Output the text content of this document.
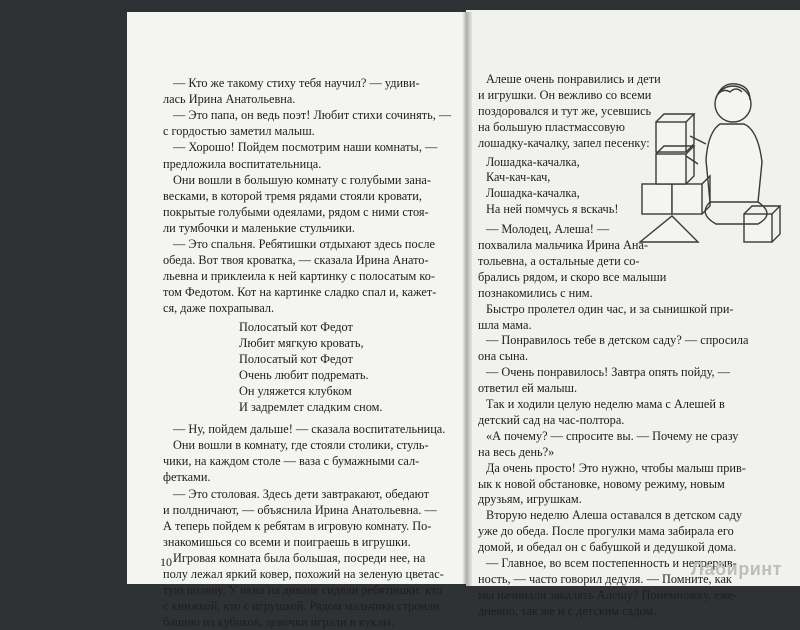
— Кто же такому стиху тебя научил? — удиви-
лась Ирина Анатольевна.
— Это папа, он ведь поэт! Любит стихи сочинять, —
с гордостью заметил малыш.
— Хорошо! Пойдем посмотрим наши комнаты, —
предложила воспитательница.
Они вошли в большую комнату с голубыми зана-
весками, в которой тремя рядами стояли кровати,
покрытые голубыми одеялами, рядом с ними стоя-
ли тумбочки и маленькие стульчики.
— Это спальня. Ребятишки отдыхают здесь после
обеда. Вот твоя кроватка, — сказала Ирина Анато-
льевна и приклеила к ней картинку с полосатым ко-
том Федотом. Кот на картинке сладко спал и, кажет-
ся, даже похрапывал.
Полосатый кот Федот
Любит мягкую кровать,
Полосатый кот Федот
Очень любит подремать.
Он уляжется клубком
И задремлет сладким сном.
— Ну, пойдем дальше! — сказала воспитательница.
Они вошли в комнату, где стояли столики, стуль-
чики, на каждом столе — ваза с бумажными сал-
фетками.
— Это столовая. Здесь дети завтракают, обедают
и полдничают, — объяснила Ирина Анатольевна. —
А теперь пойдем к ребятам в игровую комнату. По-
знакомишься со всеми и поиграешь в игрушки.
Игровая комната была большая, посреди нее, на
полу лежал яркий ковер, похожий на зеленую цветас-
тую поляну. У окна на диване сидели ребятишки: кто
с книжкой, кто с игрушкой. Рядом мальчики строили
башню из кубиков, девочки играли в куклы.
10
Алеше очень понравились и дети
и игрушки. Он вежливо со всеми
поздоровался и тут же, усевшись
на большую пластмассовую
лошадку-качалку, запел песенку:
Лошадка-качалка,
Кач-кач-кач,
Лошадка-качалка,
На ней помчусь я вскачь!
— Молодец, Алеша! —
похвалила мальчика Ирина Ана-
тольевна, а остальные дети со-
брались рядом, и скоро все малыши
познакомились с ним.
Быстро пролетел один час, и за сынишкой при-
шла мама.
— Понравилось тебе в детском саду? — спросила
она сына.
— Очень понравилось! Завтра опять пойду, —
ответил ей малыш.
Так и ходили целую неделю мама с Алешей в
детский сад на час-полтора.
«А почему? — спросите вы. — Почему не сразу
на весь день?»
Да очень просто! Это нужно, чтобы малыш прив-
ык к новой обстановке, новому режиму, новым
друзьям, игрушкам.
Вторую неделю Алеша оставался в детском саду
уже до обеда. После прогулки мама забирала его
домой, и обедал он с бабушкой и дедушкой дома.
— Главное, во всем постепенность и непрерыв-
ность, — часто говорил дедуля. — Помните, как
мы начинали закалять Алешу? Понемножку, еже-
дневно, так же и с детским садом.
Лабиринт
